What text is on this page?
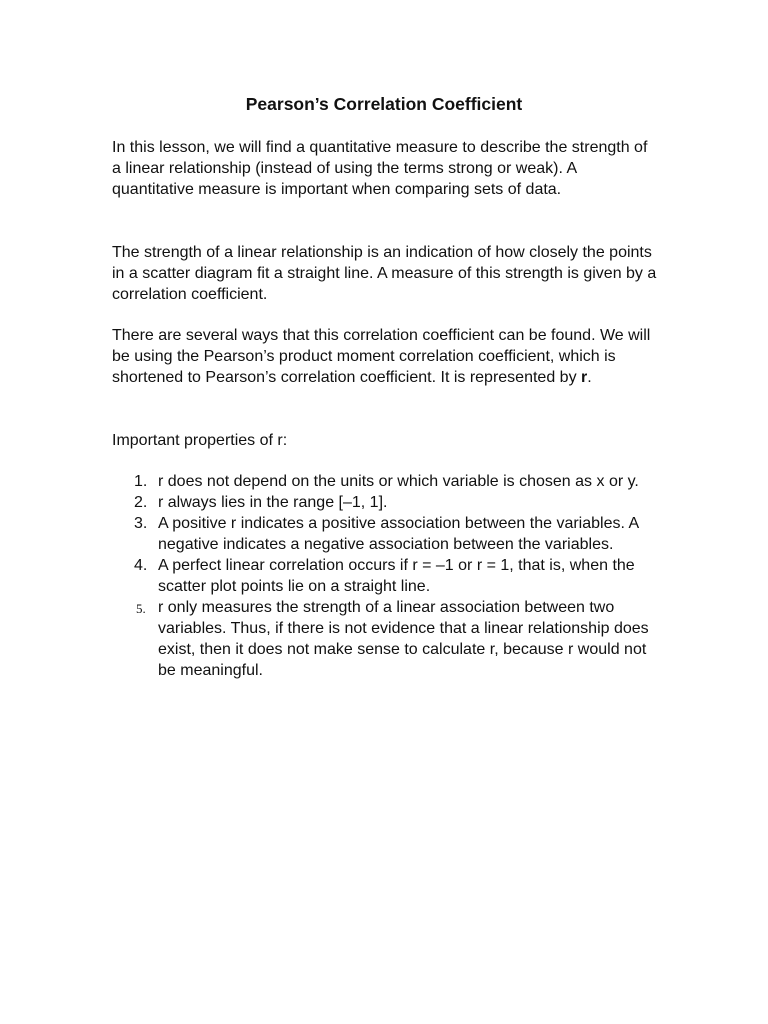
Pearson’s Correlation Coefficient

In this lesson, we will find a quantitative measure to describe the strength of a linear relationship (instead of using the terms strong or weak). A quantitative measure is important when comparing sets of data.

The strength of a linear relationship is an indication of how closely the points in a scatter diagram fit a straight line. A measure of this strength is given by a correlation coefficient.

There are several ways that this correlation coefficient can be found. We will be using the Pearson’s product moment correlation coefficient, which is shortened to Pearson’s correlation coefficient. It is represented by r.

Important properties of r:

1. r does not depend on the units or which variable is chosen as x or y.
2. r always lies in the range [–1, 1].
3. A positive r indicates a positive association between the variables. A negative indicates a negative association between the variables.
4. A perfect linear correlation occurs if r = –1 or r = 1, that is, when the scatter plot points lie on a straight line.
5. r only measures the strength of a linear association between two variables. Thus, if there is not evidence that a linear relationship does exist, then it does not make sense to calculate r, because r would not be meaningful.
